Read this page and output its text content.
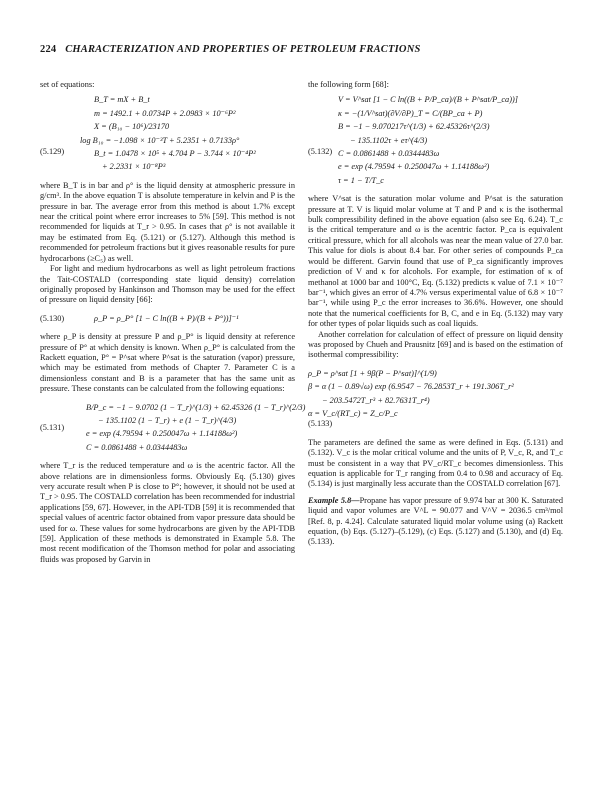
224 CHARACTERIZATION AND PROPERTIES OF PETROLEUM FRACTIONS

set of equations:

(5.129)
B_T = mX + B_t
m = 1492.1 + 0.0734P + 2.0983 × 10⁻⁶P²
X = (B₁₀ − 10⁶)/23170
log B₁₀ = −1.098 × 10⁻³T + 5.2351 + 0.7133ρ°
B_t = 1.0478 × 10⁵ + 4.704 P − 3.744 × 10⁻⁴P²
+ 2.2331 × 10⁻⁸P³

where B_T is in bar and ρ° is the liquid density at atmospheric pressure in g/cm³. In the above equation T is absolute temperature in kelvin and P is the pressure in bar. The average error from this method is about 1.7% except near the critical point where error increases to 5% [59]. This method is not recommended for liquids at T_r > 0.95. In cases that ρ° is not available it may be estimated from Eq. (5.121) or (5.127). Although this method is recommended for petroleum fractions but it gives reasonable results for pure hydrocarbons (≥C₅) as well.

For light and medium hydrocarbons as well as light petroleum fractions the Tait-COSTALD (corresponding state liquid density) correlation originally proposed by Hankinson and Thomson may be used for the effect of pressure on liquid density [66]:

(5.130)	ρ_P = ρ_P° [1 − C ln((B + P)/(B + P°))]⁻¹

where ρ_P is density at pressure P and ρ_P° is liquid density at reference pressure of P° at which density is known. When ρ_P° is calculated from the Rackett equation, P° = P^sat where P^sat is the saturation (vapor) pressure, which may be estimated from methods of Chapter 7. Parameter C is a dimensionless constant and B is a parameter that has the same unit as pressure. These constants can be calculated from the following equations:

(5.131)
B/P_c = −1 − 9.0702 (1 − T_r)^(1/3) + 62.45326 (1 − T_r)^(2/3)
− 135.1102 (1 − T_r) + e (1 − T_r)^(4/3)
e = exp (4.79594 + 0.250047ω + 1.14188ω²)
C = 0.0861488 + 0.0344483ω

where T_r is the reduced temperature and ω is the acentric factor. All the above relations are in dimensionless forms. Obviously Eq. (5.130) gives very accurate result when P is close to P°; however, it should not be used at T_r > 0.95. The COSTALD correlation has been recommended for industrial applications [59, 67]. However, in the API-TDB [59] it is recommended that special values of acentric factor obtained from vapor pressure data should be used for ω. These values for some hydrocarbons are given by the API-TDB [59]. Application of these methods is demonstrated in Example 5.8. The most recent modification of the Thomson method for polar and associating fluids was proposed by Garvin in

the following form [68]:

(5.132)
V = V^sat [1 − C ln((B + P/P_ca)/(B + P^sat/P_ca))]
κ = −(1/V^sat)(∂V/∂P)_T = C/(BP_ca + P)
B = −1 − 9.070217τ^(1/3) + 62.45326τ^(2/3)
− 135.1102τ + eτ^(4/3)
C = 0.0861488 + 0.0344483ω
e = exp (4.79594 + 0.250047ω + 1.14188ω²)
τ = 1 − T/T_c

where V^sat is the saturation molar volume and P^sat is the saturation pressure at T. V is liquid molar volume at T and P and κ is the isothermal bulk compressibility defined in the above equation (also see Eq. 6.24). T_c is the critical temperature and ω is the acentric factor. P_ca is equivalent critical pressure, which for all alcohols was near the mean value of 27.0 bar. This value for diols is about 8.4 bar. For other series of compounds P_ca would be different. Garvin found that use of P_ca significantly improves prediction of V and κ for alcohols. For example, for estimation of κ of methanol at 1000 bar and 100°C, Eq. (5.132) predicts κ value of 7.1 × 10⁻⁷ bar⁻¹, which gives an error of 4.7% versus experimental value of 6.8 × 10⁻⁷ bar⁻¹, while using P_c the error increases to 36.6%. However, one should note that the numerical coefficients for B, C, and e in Eq. (5.132) may vary for other types of polar liquids such as coal liquids.

Another correlation for calculation of effect of pressure on liquid density was proposed by Chueh and Prausnitz [69] and is based on the estimation of isothermal compressibility:

ρ_P = ρ^sat [1 + 9β(P − P^sat)]^(1/9)
β = α (1 − 0.89√ω) exp (6.9547 − 76.2853T_r + 191.306T_r²
− 203.5472T_r³ + 82.7631T_r⁴)
α = V_c/(RT_c) = Z_c/P_c
(5.133)

The parameters are defined the same as were defined in Eqs. (5.131) and (5.132). V_c is the molar critical volume and the units of P, V_c, R, and T_c must be consistent in a way that PV_c/RT_c becomes dimensionless. This equation is applicable for T_r ranging from 0.4 to 0.98 and accuracy of Eq. (5.134) is just marginally less accurate than the COSTALD correlation [67].

Example 5.8—Propane has vapor pressure of 9.974 bar at 300 K. Saturated liquid and vapor volumes are V^L = 90.077 and V^V = 2036.5 cm³/mol [Ref. 8, p. 4.24]. Calculate saturated liquid molar volume using (a) Rackett equation, (b) Eqs. (5.127)–(5.129), (c) Eqs. (5.127) and (5.130), and (d) Eq. (5.133).
